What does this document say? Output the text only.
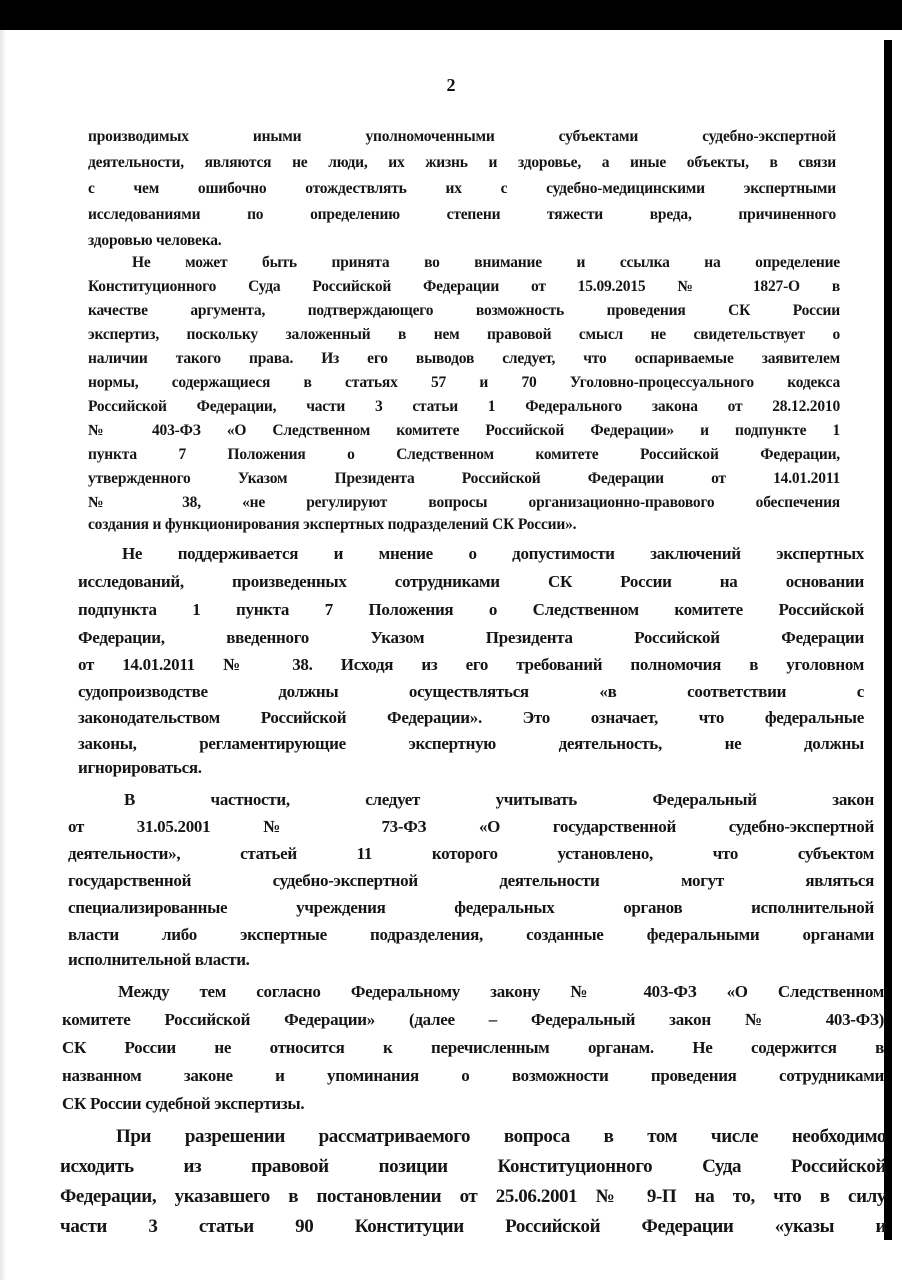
2
производимых иными уполномоченными субъектами судебно-экспертной
деятельности, являются не люди, их жизнь и здоровье, а иные объекты, в связи
с чем ошибочно отождествлять их с судебно-медицинскими экспертными
исследованиями по определению степени тяжести вреда, причиненного
здоровью человека.
Не может быть принята во внимание и ссылка на определение
Конституционного Суда Российской Федерации от 15.09.2015 № 1827-О в
качестве аргумента, подтверждающего возможность проведения СК России
экспертиз, поскольку заложенный в нем правовой смысл не свидетельствует о
наличии такого права. Из его выводов следует, что оспариваемые заявителем
нормы, содержащиеся в статьях 57 и 70 Уголовно-процессуального кодекса
Российской Федерации, части 3 статьи 1 Федерального закона от 28.12.2010
№ 403-ФЗ «О Следственном комитете Российской Федерации» и подпункте 1
пункта 7 Положения о Следственном комитете Российской Федерации,
утвержденного Указом Президента Российской Федерации от 14.01.2011
№ 38, «не регулируют вопросы организационно-правового обеспечения
создания и функционирования экспертных подразделений СК России».
Не поддерживается и мнение о допустимости заключений экспертных
исследований, произведенных сотрудниками СК России на основании
подпункта 1 пункта 7 Положения о Следственном комитете Российской
Федерации, введенного Указом Президента Российской Федерации
от 14.01.2011 № 38. Исходя из его требований полномочия в уголовном
судопроизводстве должны осуществляться «в соответствии с
законодательством Российской Федерации». Это означает, что федеральные
законы, регламентирующие экспертную деятельность, не должны
игнорироваться.
В частности, следует учитывать Федеральный закон
от 31.05.2001 № 73-ФЗ «О государственной судебно-экспертной
деятельности», статьей 11 которого установлено, что субъектом
государственной судебно-экспертной деятельности могут являться
специализированные учреждения федеральных органов исполнительной
власти либо экспертные подразделения, созданные федеральными органами
исполнительной власти.
Между тем согласно Федеральному закону № 403-ФЗ «О Следственном
комитете Российской Федерации» (далее – Федеральный закон № 403-ФЗ)
СК России не относится к перечисленным органам. Не содержится в
названном законе и упоминания о возможности проведения сотрудниками
СК России судебной экспертизы.
При разрешении рассматриваемого вопроса в том числе необходимо
исходить из правовой позиции Конституционного Суда Российской
Федерации, указавшего в постановлении от 25.06.2001 № 9-П на то, что в силу
части 3 статьи 90 Конституции Российской Федерации «указы и
